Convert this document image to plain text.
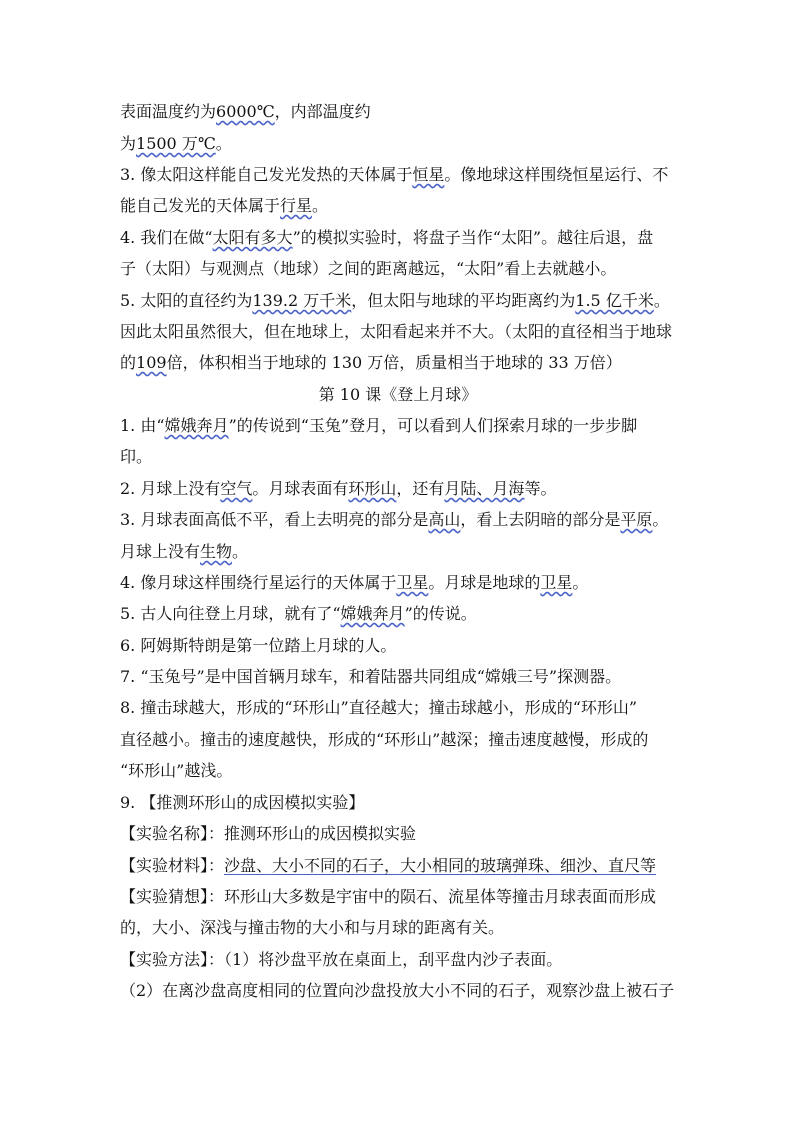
表面温度约为6000℃，内部温度约
为1500 万℃。
3. 像太阳这样能自己发光发热的天体属于恒星。像地球这样围绕恒星运行、不
能自己发光的天体属于行星。
4. 我们在做“太阳有多大”的模拟实验时，将盘子当作“太阳”。越往后退，盘
子（太阳）与观测点（地球）之间的距离越远，“太阳”看上去就越小。
5. 太阳的直径约为139.2 万千米，但太阳与地球的平均距离约为1.5 亿千米。
因此太阳虽然很大，但在地球上，太阳看起来并不大。（太阳的直径相当于地球
的109倍，体积相当于地球的 130 万倍，质量相当于地球的 33 万倍）
第 10 课《登上月球》
1. 由“嫦娥奔月”的传说到“玉兔”登月，可以看到人们探索月球的一步步脚
印。
2. 月球上没有空气。月球表面有环形山，还有月陆、月海等。
3. 月球表面高低不平，看上去明亮的部分是高山，看上去阴暗的部分是平原。
月球上没有生物。
4. 像月球这样围绕行星运行的天体属于卫星。月球是地球的卫星。
5. 古人向往登上月球，就有了“嫦娥奔月”的传说。
6. 阿姆斯特朗是第一位踏上月球的人。
7. “玉兔号”是中国首辆月球车，和着陆器共同组成“嫦娥三号”探测器。
8. 撞击球越大，形成的“环形山”直径越大；撞击球越小，形成的“环形山”
直径越小。撞击的速度越快，形成的“环形山”越深；撞击速度越慢，形成的
“环形山”越浅。
9. 【推测环形山的成因模拟实验】
【实验名称】：推测环形山的成因模拟实验
【实验材料】：沙盘、大小不同的石子，大小相同的玻璃弹珠、细沙、直尺等
【实验猜想】：环形山大多数是宇宙中的陨石、流星体等撞击月球表面而形成
的，大小、深浅与撞击物的大小和与月球的距离有关。
【实验方法】：（1）将沙盘平放在桌面上，刮平盘内沙子表面。
（2）在离沙盘高度相同的位置向沙盘投放大小不同的石子，观察沙盘上被石子
